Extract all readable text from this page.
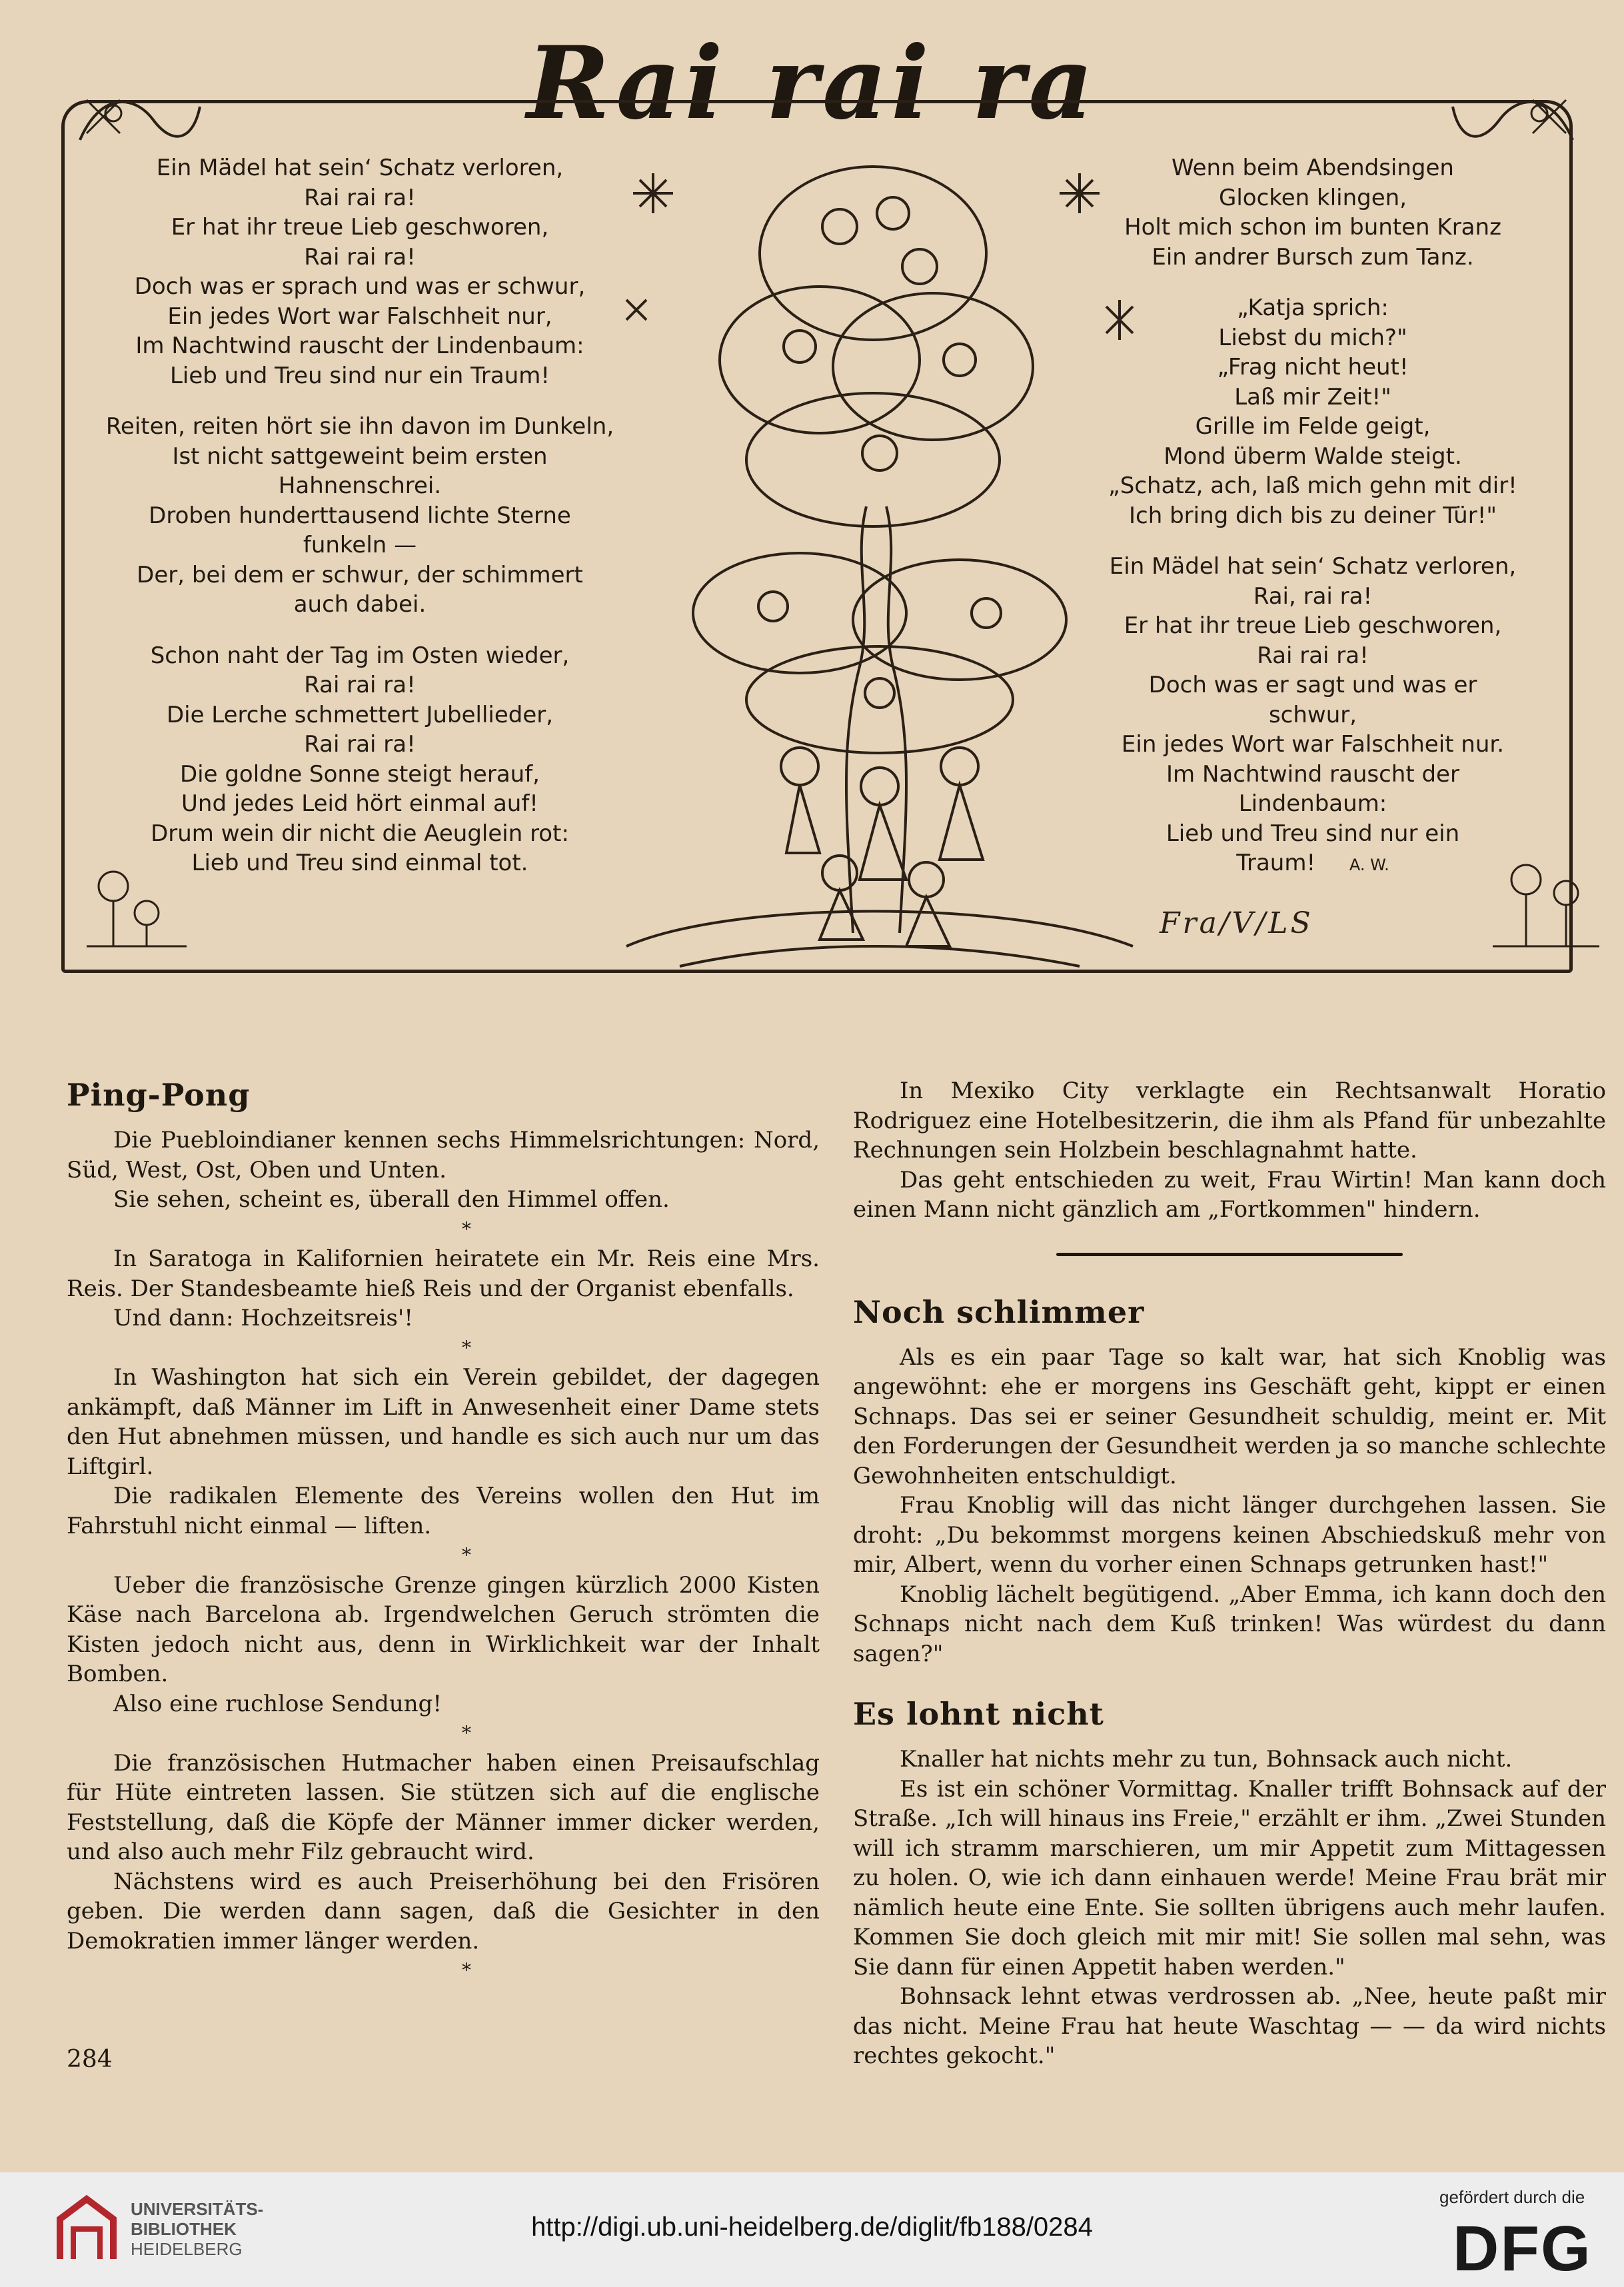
Rai rai ra
Ein Mädel hat sein‘ Schatz verloren,
Rai rai ra!
Er hat ihr treue Lieb geschworen,
Rai rai ra!
Doch was er sprach und was er schwur,
Ein jedes Wort war Falschheit nur,
Im Nachtwind rauscht der Lindenbaum:
Lieb und Treu sind nur ein Traum!
Reiten, reiten hört sie ihn davon im Dunkeln,
Ist nicht sattgeweint beim ersten
Hahnenschrei.
Droben hunderttausend lichte Sterne
funkeln —
Der, bei dem er schwur, der schimmert
auch dabei.
Schon naht der Tag im Osten wieder,
Rai rai ra!
Die Lerche schmettert Jubellieder,
Rai rai ra!
Die goldne Sonne steigt herauf,
Und jedes Leid hört einmal auf!
Drum wein dir nicht die Aeuglein rot:
Lieb und Treu sind einmal tot.
Wenn beim Abendsingen
Glocken klingen,
Holt mich schon im bunten Kranz
Ein andrer Bursch zum Tanz.
„Katja sprich:
Liebst du mich?"
„Frag nicht heut!
Laß mir Zeit!"
Grille im Felde geigt,
Mond überm Walde steigt.
„Schatz, ach, laß mich gehn mit dir!
Ich bring dich bis zu deiner Tür!"
Ein Mädel hat sein‘ Schatz verloren,
Rai, rai ra!
Er hat ihr treue Lieb geschworen,
Rai rai ra!
Doch was er sagt und was er
schwur,
Ein jedes Wort war Falschheit nur.
Im Nachtwind rauscht der
Lindenbaum:
Lieb und Treu sind nur ein
Traum! A. W.
Fra/V/LS
Ping-Pong

Die Puebloindianer kennen sechs Himmelsrichtungen: Nord, Süd, West, Ost, Oben und Unten.

Sie sehen, scheint es, überall den Himmel offen.

*

In Saratoga in Kalifornien heiratete ein Mr. Reis eine Mrs. Reis. Der Standesbeamte hieß Reis und der Organist ebenfalls.

Und dann: Hochzeitsreis'!

*

In Washington hat sich ein Verein gebildet, der dagegen ankämpft, daß Männer im Lift in Anwesenheit einer Dame stets den Hut abnehmen müssen, und handle es sich auch nur um das Liftgirl.

Die radikalen Elemente des Vereins wollen den Hut im Fahrstuhl nicht einmal — liften.

*

Ueber die französische Grenze gingen kürzlich 2000 Kisten Käse nach Barcelona ab. Irgendwelchen Geruch strömten die Kisten jedoch nicht aus, denn in Wirklichkeit war der Inhalt Bomben.

Also eine ruchlose Sendung!

*

Die französischen Hutmacher haben einen Preisaufschlag für Hüte eintreten lassen. Sie stützen sich auf die englische Feststellung, daß die Köpfe der Männer immer dicker werden, und also auch mehr Filz gebraucht wird.

Nächstens wird es auch Preiserhöhung bei den Frisören geben. Die werden dann sagen, daß die Gesichter in den Demokratien immer länger werden.

*

284

In Mexiko City verklagte ein Rechtsanwalt Horatio Rodriguez eine Hotelbesitzerin, die ihm als Pfand für unbezahlte Rechnungen sein Holzbein beschlagnahmt hatte.

Das geht entschieden zu weit, Frau Wirtin! Man kann doch einen Mann nicht gänzlich am „Fortkommen" hindern.

Noch schlimmer

Als es ein paar Tage so kalt war, hat sich Knoblig was angewöhnt: ehe er morgens ins Geschäft geht, kippt er einen Schnaps. Das sei er seiner Gesundheit schuldig, meint er. Mit den Forderungen der Gesundheit werden ja so manche schlechte Gewohnheiten entschuldigt.

Frau Knoblig will das nicht länger durchgehen lassen. Sie droht: „Du bekommst morgens keinen Abschiedskuß mehr von mir, Albert, wenn du vorher einen Schnaps getrunken hast!"

Knoblig lächelt begütigend. „Aber Emma, ich kann doch den Schnaps nicht nach dem Kuß trinken! Was würdest du dann sagen?"

Es lohnt nicht

Knaller hat nichts mehr zu tun, Bohnsack auch nicht.

Es ist ein schöner Vormittag. Knaller trifft Bohnsack auf der Straße. „Ich will hinaus ins Freie," erzählt er ihm. „Zwei Stunden will ich stramm marschieren, um mir Appetit zum Mittagessen zu holen. O, wie ich dann einhauen werde! Meine Frau brät mir nämlich heute eine Ente. Sie sollten übrigens auch mehr laufen. Kommen Sie doch gleich mit mir mit! Sie sollen mal sehn, was Sie dann für einen Appetit haben werden."

Bohnsack lehnt etwas verdrossen ab. „Nee, heute paßt mir das nicht. Meine Frau hat heute Waschtag — — da wird nichts rechtes gekocht."

UNIVERSITÄTS-
BIBLIOTHEK
HEIDELBERG
http://digi.ub.uni-heidelberg.de/diglit/fb188/0284
gefördert durch die
DFG
